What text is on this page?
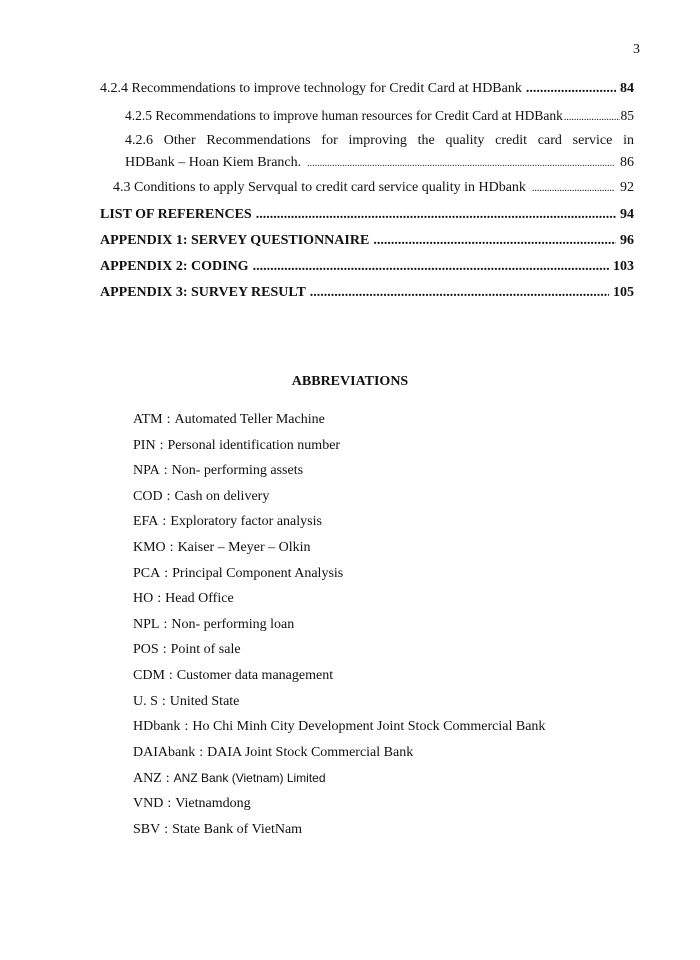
3
4.2.4 Recommendations to improve technology for Credit Card at HDBank .....	84
4.2.5 Recommendations to improve human resources for Credit Card at HDBank .....	85
4.2.6 Other Recommendations for improving the quality credit card service in
HDBank – Hoan Kiem Branch. .....	86
4.3 Conditions to apply Servqual to credit card service quality in HDbank .....	92
LIST OF REFERENCES .....	94
APPENDIX 1: SERVEY QUESTIONNAIRE .....	96
APPENDIX 2: CODING .....	103
APPENDIX 3: SURVEY RESULT .....	105
ABBREVIATIONS
ATM : Automated Teller Machine
PIN : Personal identification number
NPA : Non- performing assets
COD : Cash on delivery
EFA : Exploratory factor analysis
KMO : Kaiser – Meyer – Olkin
PCA : Principal Component Analysis
HO : Head Office
NPL : Non- performing loan
POS : Point of sale
CDM : Customer data management
U. S : United State
HDbank : Ho Chi Minh City Development Joint Stock Commercial Bank
DAIAbank : DAIA Joint Stock Commercial Bank
ANZ : ANZ Bank (Vietnam) Limited
VND : Vietnamdong
SBV : State Bank of VietNam
